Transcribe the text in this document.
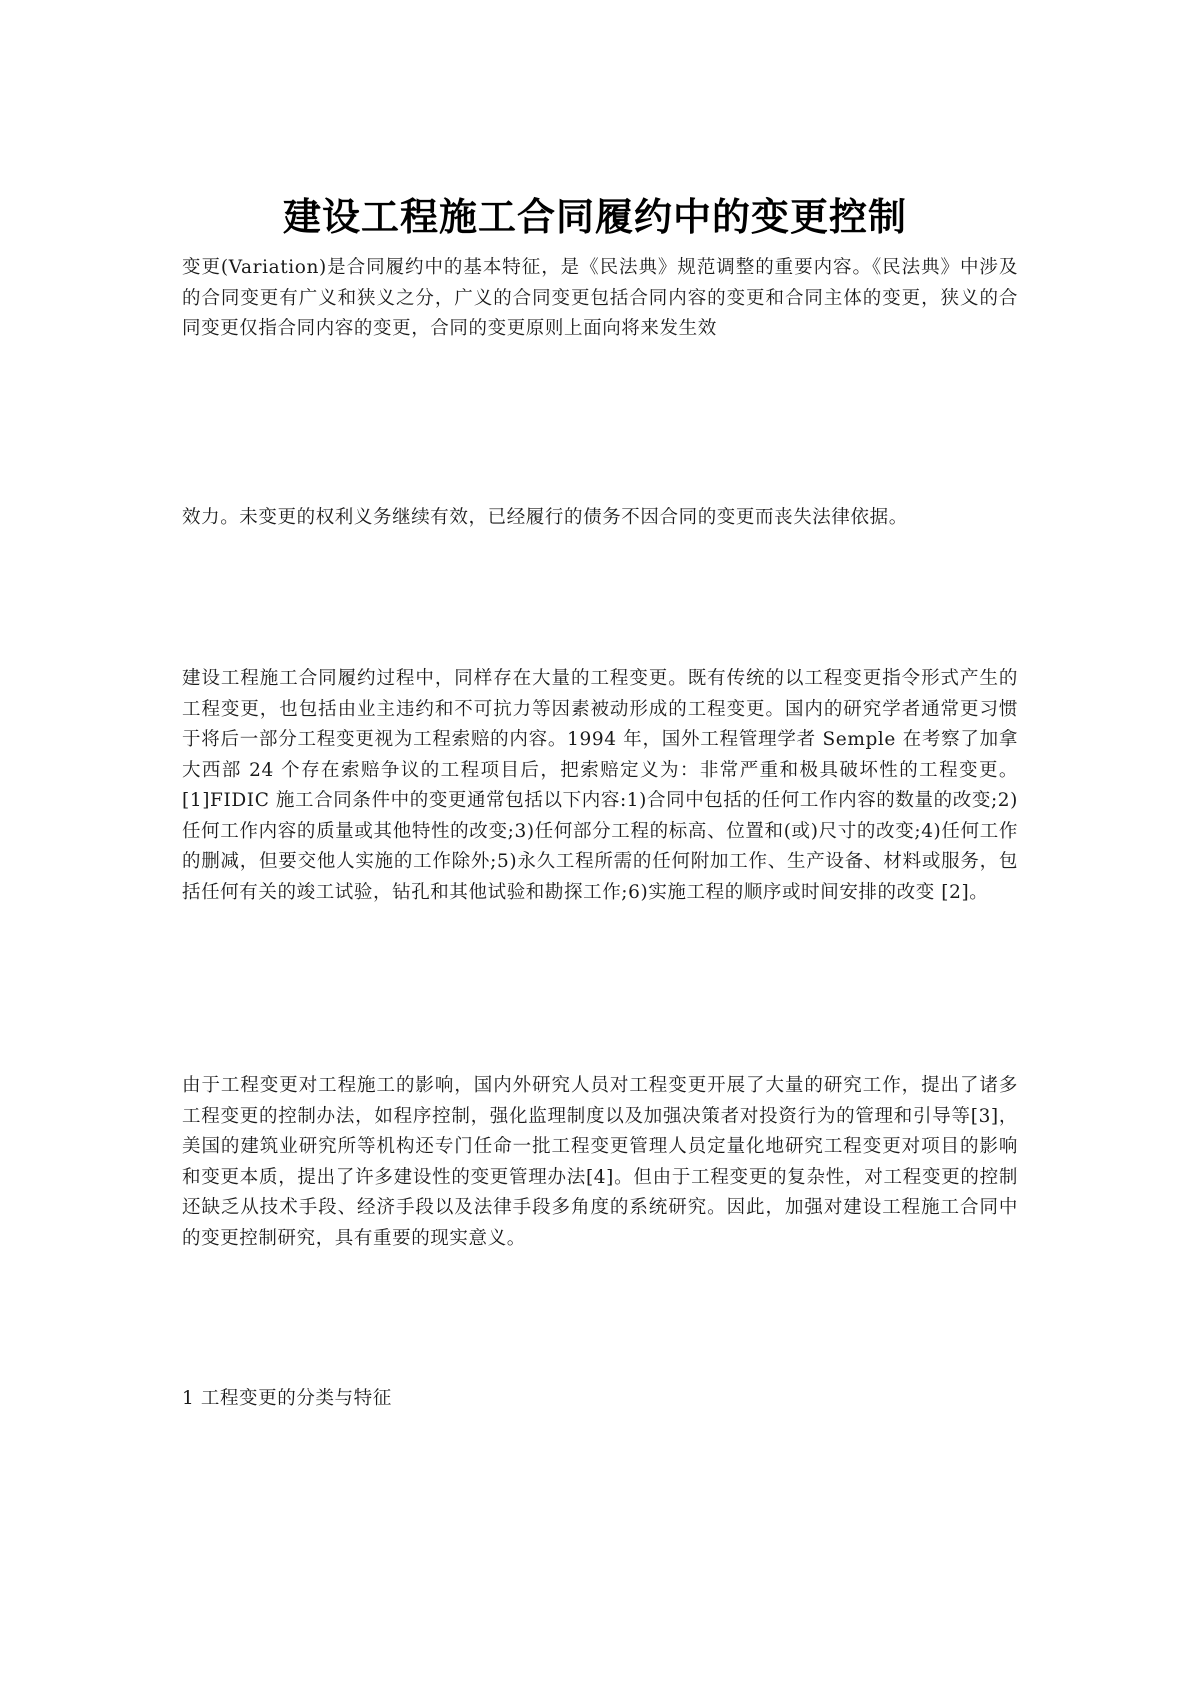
建设工程施工合同履约中的变更控制

变更(Variation)是合同履约中的基本特征，是《民法典》规范调整的重要内容。《民法典》中涉及的合同变更有广义和狭义之分，广义的合同变更包括合同内容的变更和合同主体的变更，狭义的合同变更仅指合同内容的变更，合同的变更原则上面向将来发生效

效力。未变更的权利义务继续有效，已经履行的债务不因合同的变更而丧失法律依据。

建设工程施工合同履约过程中，同样存在大量的工程变更。既有传统的以工程变更指令形式产生的工程变更，也包括由业主违约和不可抗力等因素被动形成的工程变更。国内的研究学者通常更习惯于将后一部分工程变更视为工程索赔的内容。1994 年，国外工程管理学者 Semple 在考察了加拿大西部 24 个存在索赔争议的工程项目后，把索赔定义为：非常严重和极具破坏性的工程变更。[1]FIDIC 施工合同条件中的变更通常包括以下内容:1)合同中包括的任何工作内容的数量的改变;2)任何工作内容的质量或其他特性的改变;3)任何部分工程的标高、位置和(或)尺寸的改变;4)任何工作的删减，但要交他人实施的工作除外;5)永久工程所需的任何附加工作、生产设备、材料或服务，包括任何有关的竣工试验，钻孔和其他试验和勘探工作;6)实施工程的顺序或时间安排的改变 [2]。

由于工程变更对工程施工的影响，国内外研究人员对工程变更开展了大量的研究工作，提出了诸多工程变更的控制办法，如程序控制，强化监理制度以及加强决策者对投资行为的管理和引导等[3]，美国的建筑业研究所等机构还专门任命一批工程变更管理人员定量化地研究工程变更对项目的影响和变更本质，提出了许多建设性的变更管理办法[4]。但由于工程变更的复杂性，对工程变更的控制还缺乏从技术手段、经济手段以及法律手段多角度的系统研究。因此，加强对建设工程施工合同中的变更控制研究，具有重要的现实意义。

1 工程变更的分类与特征
